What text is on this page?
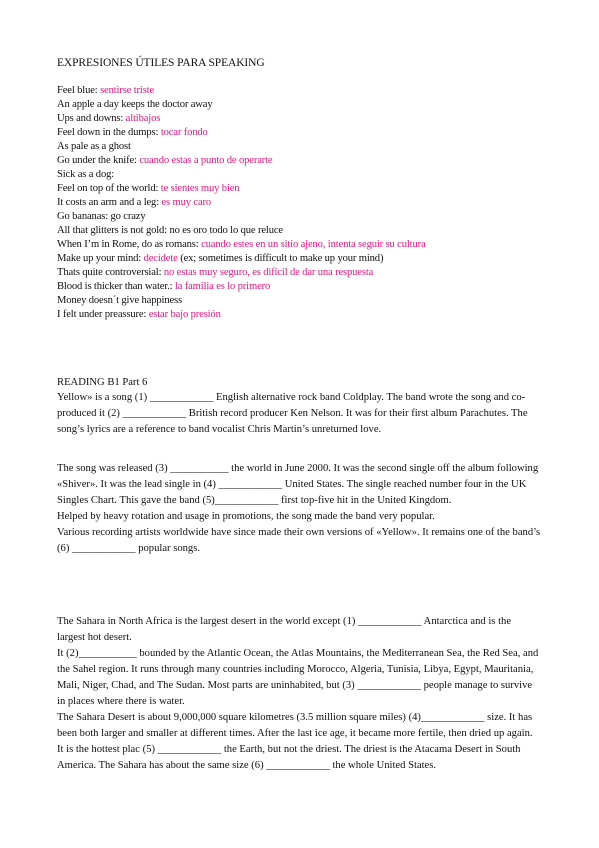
EXPRESIONES ÚTILES PARA SPEAKING
Feel blue: sentirse triste
An apple a day keeps the doctor away
Ups and downs: altibajos
Feel down in the dumps: tocar fondo
As pale as a ghost
Go under the knife: cuando estas a punto de operarte
Sick as a dog:
Feel on top of the world: te sientes muy bien
It costs an arm and a leg: es muy caro
Go bananas: go crazy
All that glitters is not gold: no es oro todo lo que reluce
When I’m in Rome, do as romans: cuando estes en un sitio ajeno, intenta seguir su cultura
Make up your mind: decídete (ex; sometimes is difficult to make up your mind)
Thats quite controversial: no estas muy seguro, es difícil de dar una respuesta
Blood is thicker than water.: la familia es lo primero
Money doesn´t give happiness
I felt under preassure: estar bajo presión
READING B1 Part 6

Yellow» is a song (1) ____________ English alternative rock band Coldplay. The band wrote the song and co-produced it (2) ____________ British record producer Ken Nelson. It was for their first album Parachutes. The song’s lyrics are a reference to band vocalist Chris Martin’s unreturned love.

The song was released (3) ___________ the world in June 2000. It was the second single off the album following «Shiver». It was the lead single in (4) ____________ United States. The single reached number four in the UK Singles Chart. This gave the band (5)____________ first top-five hit in the United Kingdom.

Helped by heavy rotation and usage in promotions, the song made the band very popular.

Various recording artists worldwide have since made their own versions of «Yellow». It remains one of the band’s (6) ____________ popular songs.

The Sahara in North Africa is the largest desert in the world except (1) ____________ Antarctica and is the largest hot desert.

It (2)___________ bounded by the Atlantic Ocean, the Atlas Mountains, the Mediterranean Sea, the Red Sea, and the Sahel region. It runs through many countries including Morocco, Algeria, Tunisia, Libya, Egypt, Mauritania, Mali, Niger, Chad, and The Sudan. Most parts are uninhabited, but (3) ____________ people manage to survive in places where there is water.

The Sahara Desert is about 9,000,000 square kilometres (3.5 million square miles) (4)____________ size. It has been both larger and smaller at different times. After the last ice age, it became more fertile, then dried up again. It is the hottest plac (5) ____________ the Earth, but not the driest. The driest is the Atacama Desert in South America. The Sahara has about the same size (6) ____________ the whole United States.
